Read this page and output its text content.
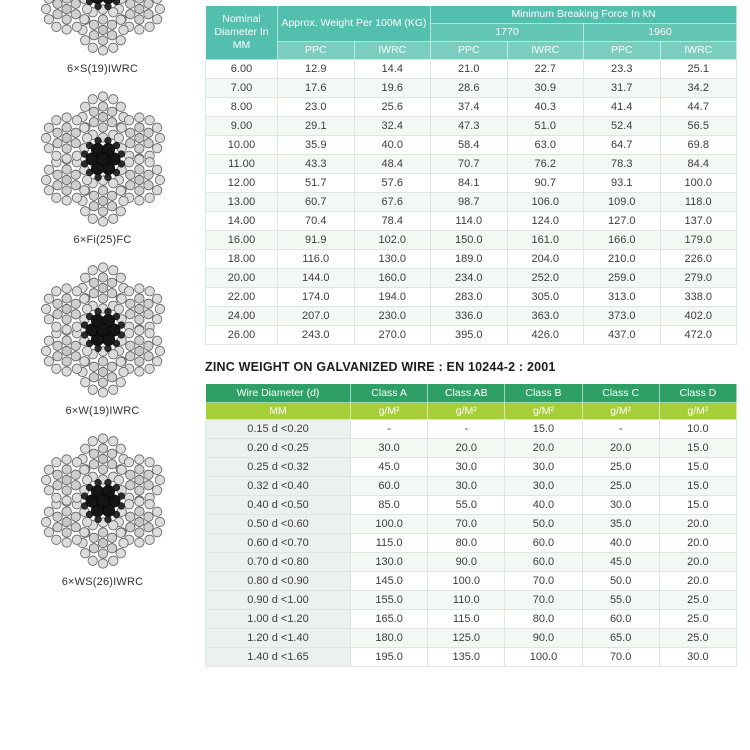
6×S(19)IWRC
6×Fi(25)FC
6×W(19)IWRC
6×WS(26)IWRC
Nominal Diameter In MM	Approx. Weight Per 100M (KG)		Minimum Breaking Force In kN			
			1770		1960	
	PPC	IWRC	PPC	IWRC	PPC	IWRC
6.00	12.9	14.4	21.0	22.7	23.3	25.1
7.00	17.6	19.6	28.6	30.9	31.7	34.2
8.00	23.0	25.6	37.4	40.3	41.4	44.7
9.00	29.1	32.4	47.3	51.0	52.4	56.5
10.00	35.9	40.0	58.4	63.0	64.7	69.8
11.00	43.3	48.4	70.7	76.2	78.3	84.4
12.00	51.7	57.6	84.1	90.7	93.1	100.0
13.00	60.7	67.6	98.7	106.0	109.0	118.0
14.00	70.4	78.4	114.0	124.0	127.0	137.0
16.00	91.9	102.0	150.0	161.0	166.0	179.0
18.00	116.0	130.0	189.0	204.0	210.0	226.0
20.00	144.0	160.0	234.0	252.0	259.0	279.0
22.00	174.0	194.0	283.0	305.0	313.0	338.0
24.00	207.0	230.0	336.0	363.0	373.0	402.0
26.00	243.0	270.0	395.0	426.0	437.0	472.0
ZINC WEIGHT ON GALVANIZED WIRE : EN 10244-2 : 2001
Wire Diameter (d)	Class A	Class AB	Class B	Class C	Class D
MM	g/M²	g/M²	g/M²	g/M²	g/M²
0.15 d <0.20	-	-	15.0	-	10.0
0.20 d <0.25	30.0	20.0	20.0	20.0	15.0
0.25 d <0.32	45.0	30.0	30.0	25.0	15.0
0.32 d <0.40	60.0	30.0	30.0	25.0	15.0
0.40 d <0.50	85.0	55.0	40.0	30.0	15.0
0.50 d <0.60	100.0	70.0	50.0	35.0	20.0
0.60 d <0.70	115.0	80.0	60.0	40.0	20.0
0.70 d <0.80	130.0	90.0	60.0	45.0	20.0
0.80 d <0.90	145.0	100.0	70.0	50.0	20.0
0.90 d <1.00	155.0	110.0	70.0	55.0	25.0
1.00 d <1.20	165.0	115.0	80.0	60.0	25.0
1.20 d <1.40	180.0	125.0	90.0	65.0	25.0
1.40 d <1.65	195.0	135.0	100.0	70.0	30.0
